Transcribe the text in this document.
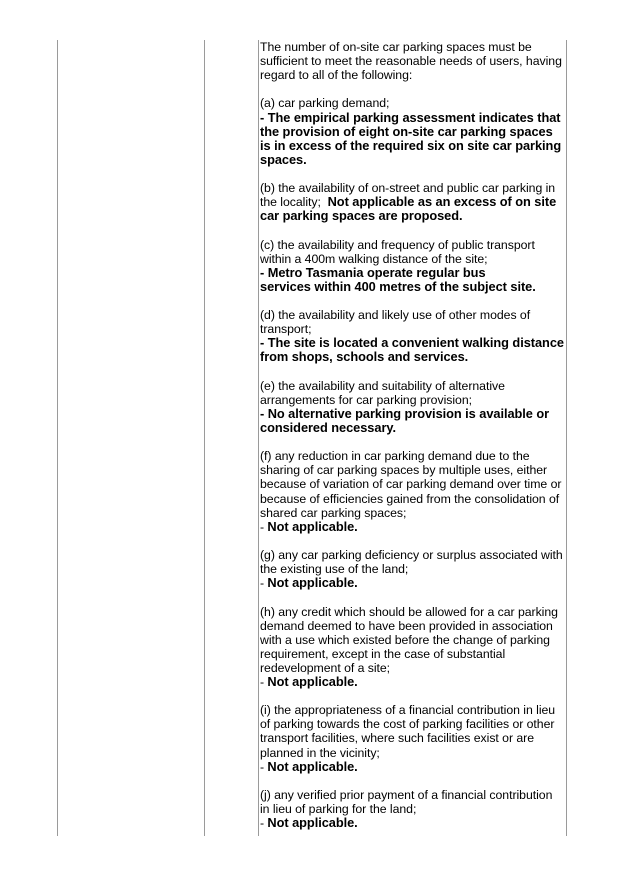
The number of on-site car parking spaces must be sufficient to meet the reasonable needs of users, having regard to all of the following:
(a) car parking demand;
- The empirical parking assessment indicates that the provision of eight on-site car parking spaces is in excess of the required six on site car parking spaces.
(b) the availability of on-street and public car parking in the locality; Not applicable as an excess of on site car parking spaces are proposed.
(c) the availability and frequency of public transport within a 400m walking distance of the site;
- Metro Tasmania operate regular bus
services within 400 metres of the subject site.
(d) the availability and likely use of other modes of transport;
- The site is located a convenient walking distance from shops, schools and services.
(e) the availability and suitability of alternative arrangements for car parking provision;
- No alternative parking provision is available or considered necessary.
(f) any reduction in car parking demand due to the sharing of car parking spaces by multiple uses, either because of variation of car parking demand over time or because of efficiencies gained from the consolidation of shared car parking spaces;
- Not applicable.
(g) any car parking deficiency or surplus associated with the existing use of the land;
- Not applicable.
(h) any credit which should be allowed for a car parking demand deemed to have been provided in association with a use which existed before the change of parking requirement, except in the case of substantial redevelopment of a site;
- Not applicable.
(i) the appropriateness of a financial contribution in lieu of parking towards the cost of parking facilities or other transport facilities, where such facilities exist or are planned in the vicinity;
- Not applicable.
(j) any verified prior payment of a financial contribution in lieu of parking for the land;
- Not applicable.
